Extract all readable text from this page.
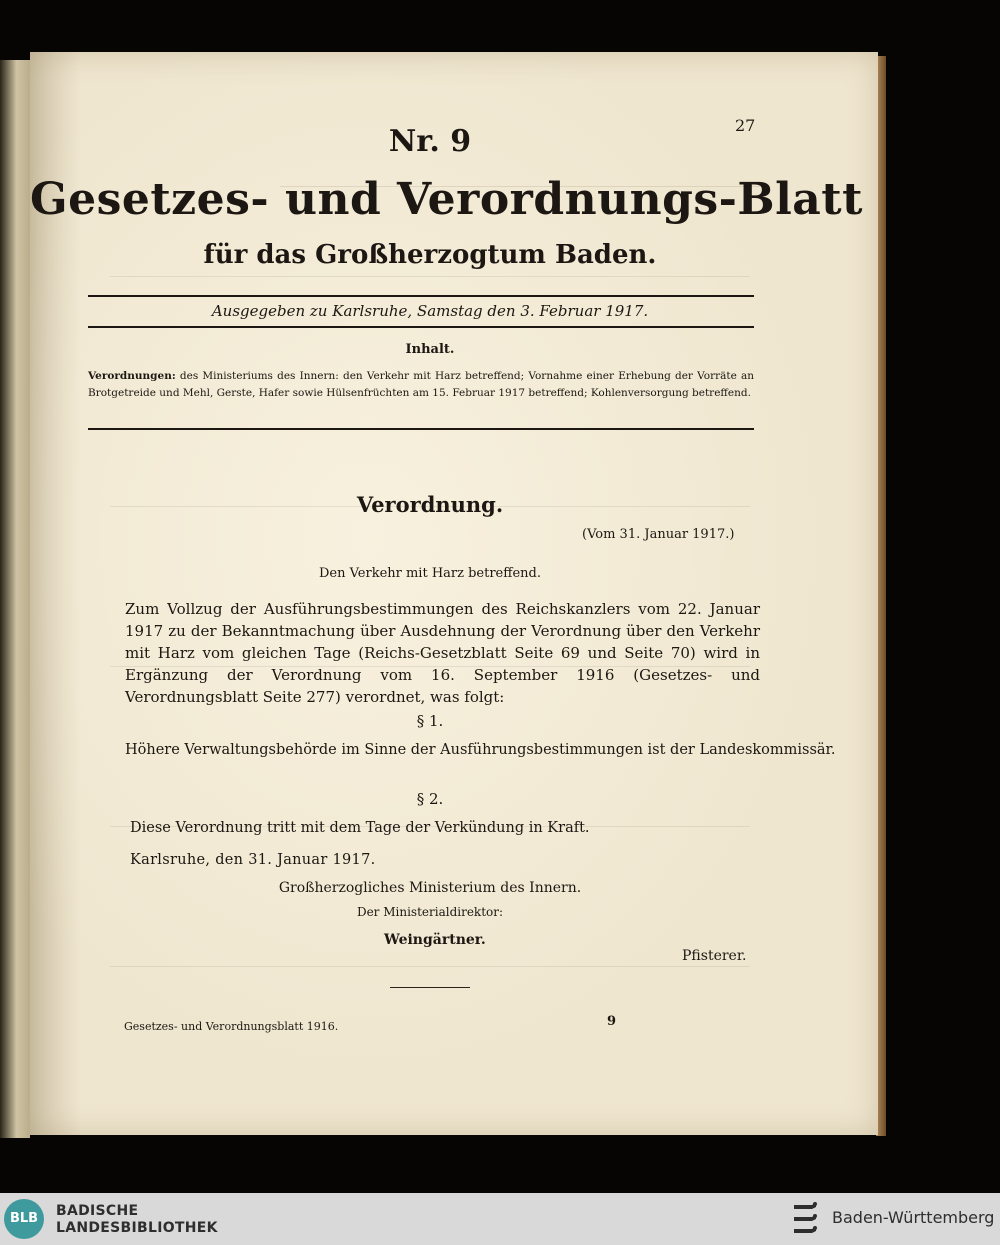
27
Nr. 9
Gesetzes- und Verordnungs-Blatt
für das Großherzogtum Baden.
Ausgegeben zu Karlsruhe, Samstag den 3. Februar 1917.
Inhalt.
Verordnungen: des Ministeriums des Innern: den Verkehr mit Harz betreffend; Vornahme einer Erhebung der Vorräte an Brotgetreide und Mehl, Gerste, Hafer sowie Hülsenfrüchten am 15. Februar 1917 betreffend; Kohlenversorgung betreffend.
Verordnung.
(Vom 31. Januar 1917.)
Den Verkehr mit Harz betreffend.
Zum Vollzug der Ausführungsbestimmungen des Reichskanzlers vom 22. Januar 1917 zu der Bekanntmachung über Ausdehnung der Verordnung über den Verkehr mit Harz vom gleichen Tage (Reichs-Gesetzblatt Seite 69 und Seite 70) wird in Ergänzung der Verordnung vom 16. September 1916 (Gesetzes- und Verordnungsblatt Seite 277) verordnet, was folgt:
§ 1.
Höhere Verwaltungsbehörde im Sinne der Ausführungsbestimmungen ist der Landeskommissär.
§ 2.
Diese Verordnung tritt mit dem Tage der Verkündung in Kraft.
Karlsruhe, den 31. Januar 1917.
Großherzogliches Ministerium des Innern.
Der Ministerialdirektor:
Weingärtner.
Pfisterer.
Gesetzes- und Verordnungsblatt 1916.	9
BLB	BADISCHE
LANDESBIBLIOTHEK
Baden-Württemberg
